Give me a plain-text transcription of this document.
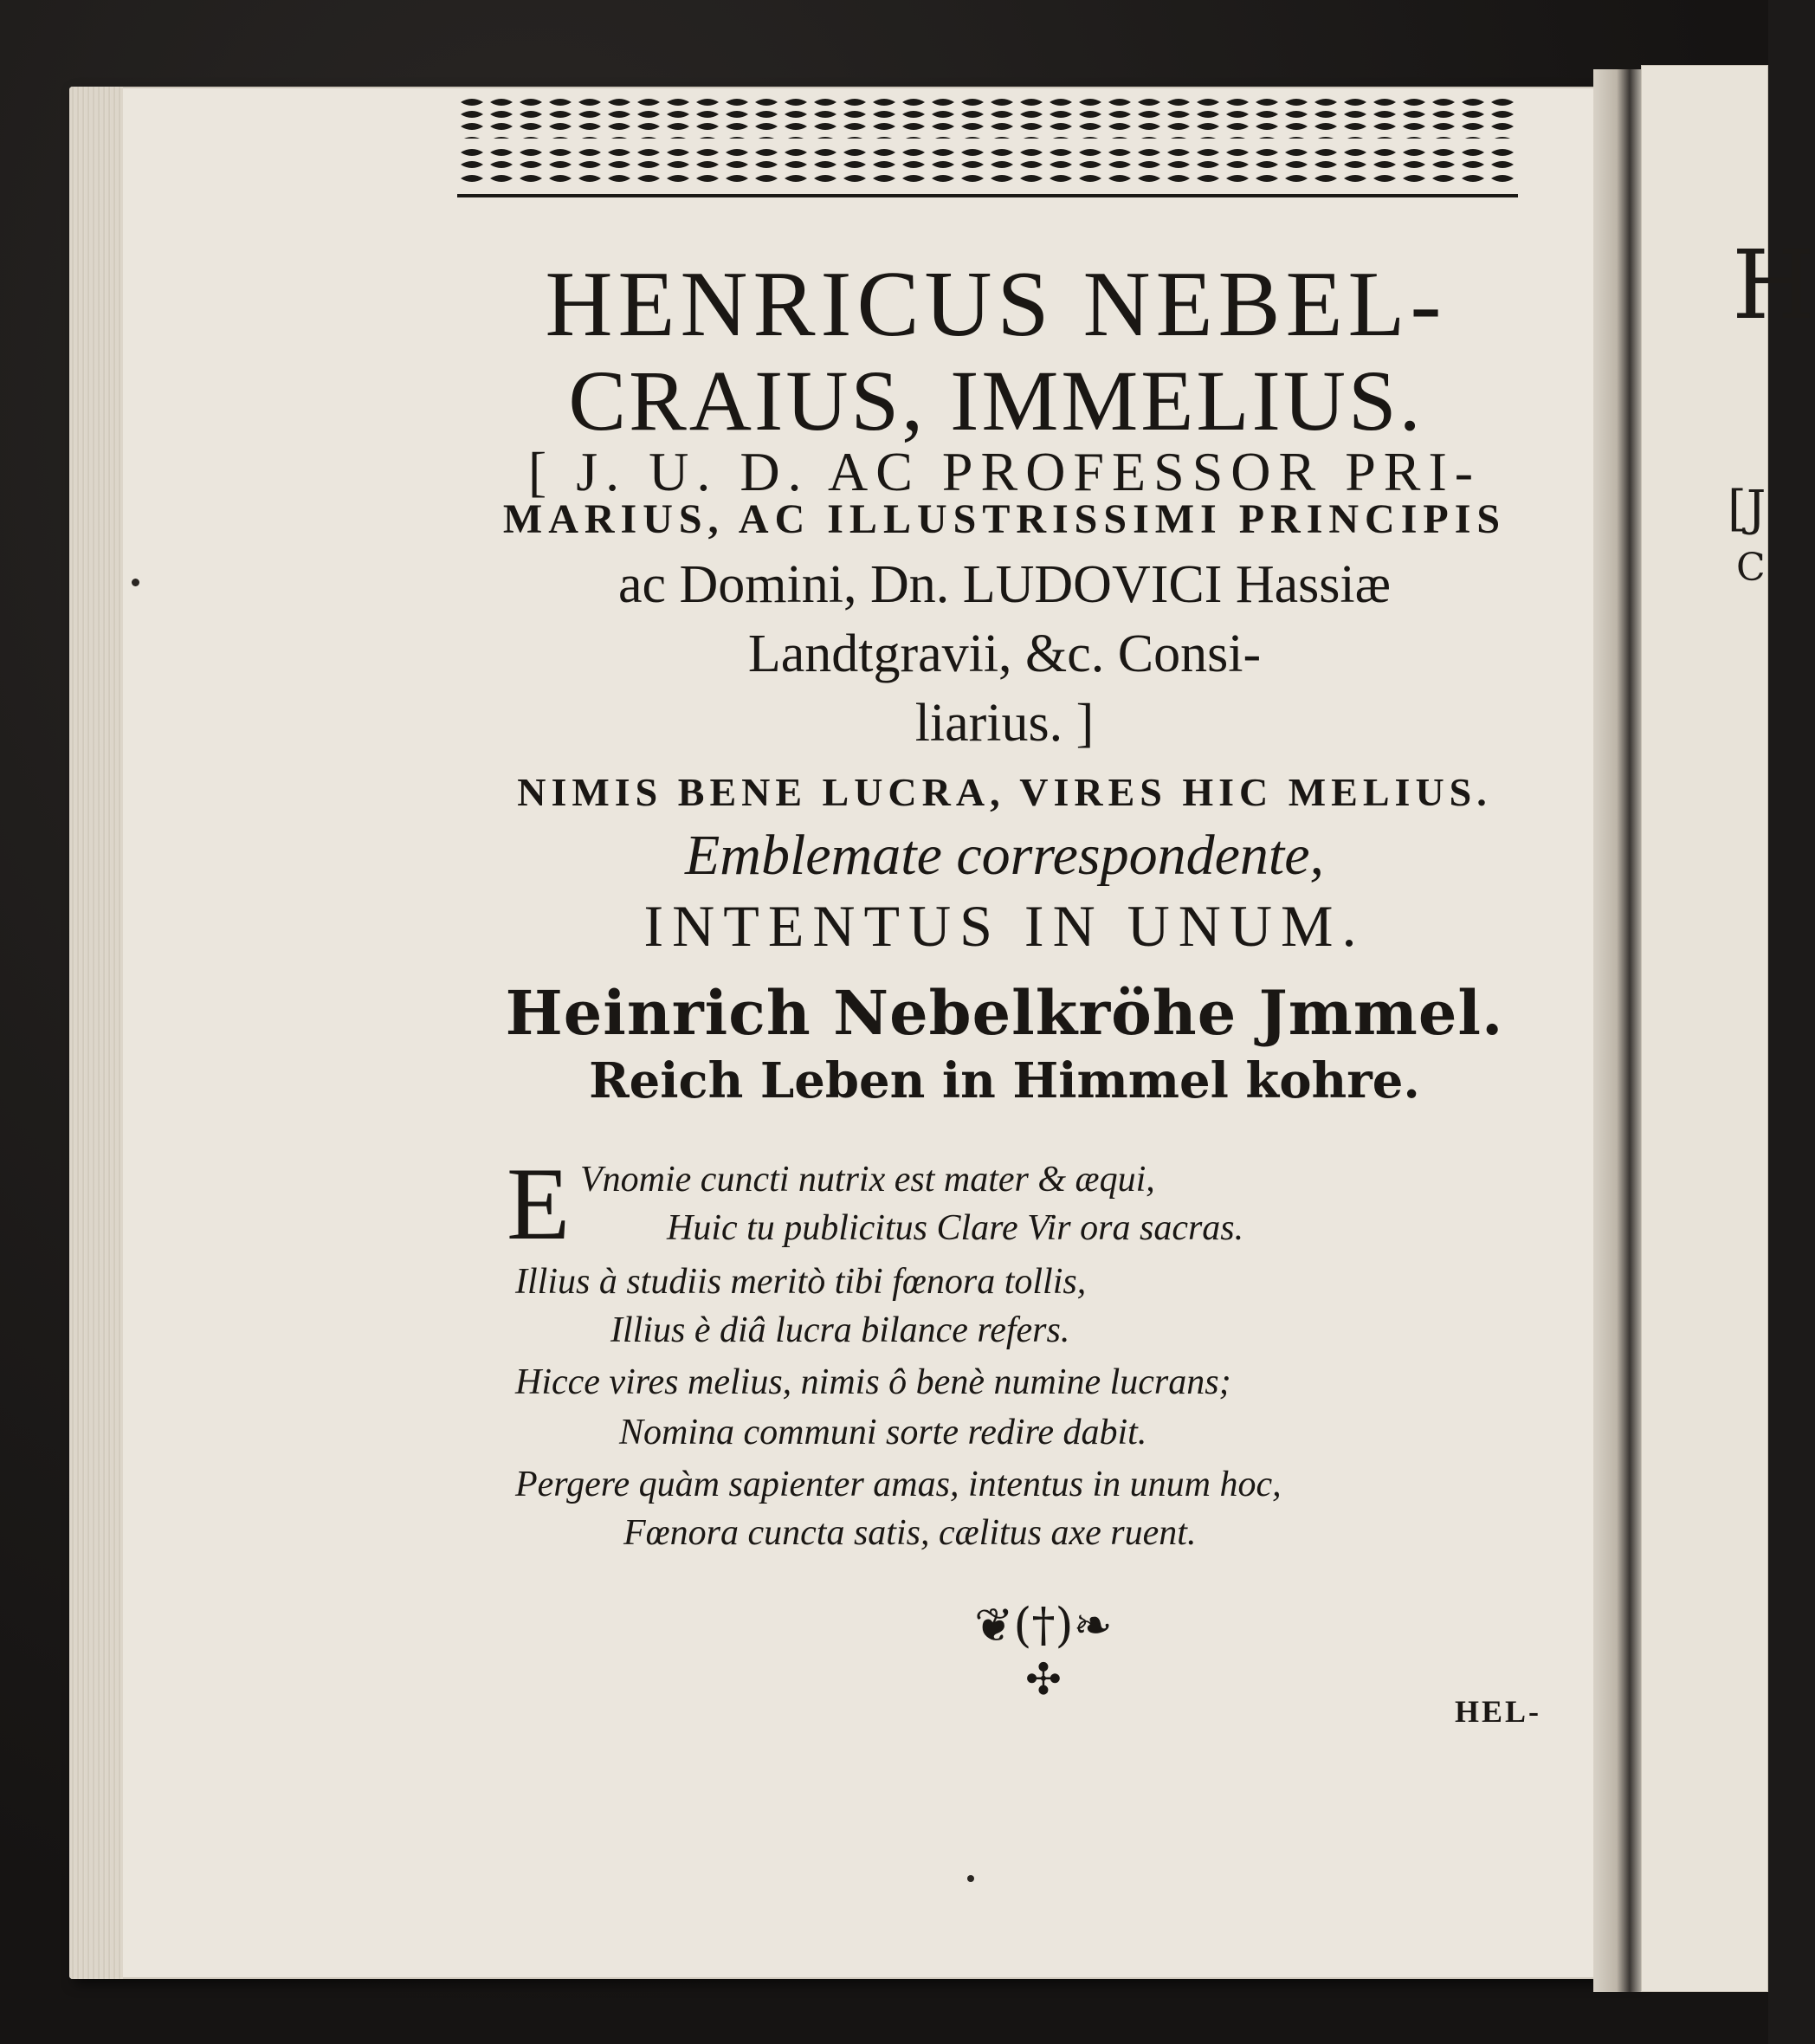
H
[J
C
HENRICUS NEBEL-
CRAIUS, IMMELIUS.
[ J. U. D. AC PROFESSOR PRI-
MARIUS, AC ILLUSTRISSIMI PRINCIPIS
ac Domini, Dn. LUDOVICI Hassiæ
Landtgravii, &c. Consi-
liarius. ]
NIMIS BENE LUCRA, VIRES HIC MELIUS.
Emblemate correspondente,
INTENTUS IN UNUM.
Heinrich Nebelkröhe Jmmel.
Reich Leben in Himmel kohre.
E Vnomie cuncti nutrix est mater & æqui,
Huic tu publicitus Clare Vir ora sacras.
Illius à studiis meritò tibi fœnora tollis,
Illius è diâ lucra bilance refers.
Hicce vires melius, nimis ô benè numine lucrans;
Nomina communi sorte redire dabit.
Pergere quàm sapienter amas, intentus in unum hoc,
Fœnora cuncta satis, cælitus axe ruent.
❦(†)❧
✣
HEL-
